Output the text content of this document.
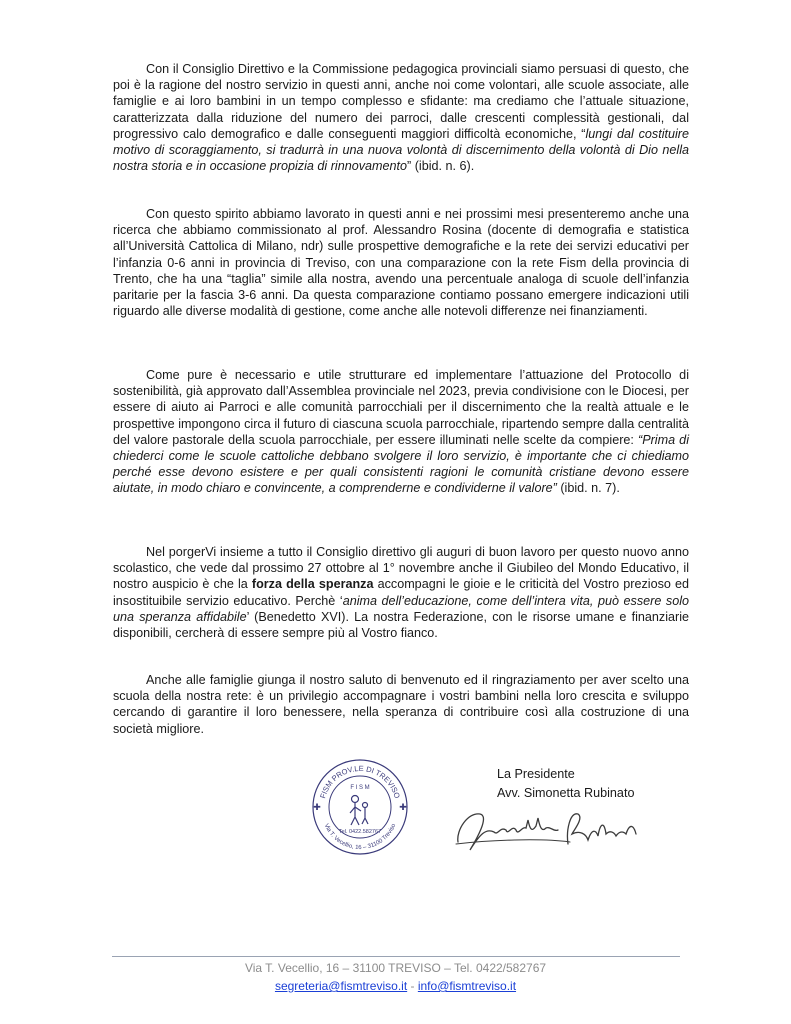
Con il Consiglio Direttivo e la Commissione pedagogica provinciali siamo persuasi di questo, che poi è la ragione del nostro servizio in questi anni, anche noi come volontari, alle scuole associate, alle famiglie e ai loro bambini in un tempo complesso e sfidante: ma crediamo che l’attuale situazione, caratterizzata dalla riduzione del numero dei parroci, dalle crescenti complessità gestionali, dal progressivo calo demografico e dalle conseguenti maggiori difficoltà economiche, “lungi dal costituire motivo di scoraggiamento, si tradurrà in una nuova volontà di discernimento della volontà di Dio nella nostra storia e in occasione propizia di rinnovamento” (ibid. n. 6).

Con questo spirito abbiamo lavorato in questi anni e nei prossimi mesi presenteremo anche una ricerca che abbiamo commissionato al prof. Alessandro Rosina (docente di demografia e statistica all’Università Cattolica di Milano, ndr) sulle prospettive demografiche e la rete dei servizi educativi per l’infanzia 0-6 anni in provincia di Treviso, con una comparazione con la rete Fism della provincia di Trento, che ha una “taglia” simile alla nostra, avendo una percentuale analoga di scuole dell’infanzia paritarie per la fascia 3-6 anni. Da questa comparazione contiamo possano emergere indicazioni utili riguardo alle diverse modalità di gestione, come anche alle notevoli differenze nei finanziamenti.

Come pure è necessario e utile strutturare ed implementare l’attuazione del Protocollo di sostenibilità, già approvato dall’Assemblea provinciale nel 2023, previa condivisione con le Diocesi, per essere di aiuto ai Parroci e alle comunità parrocchiali per il discernimento che la realtà attuale e le prospettive impongono circa il futuro di ciascuna scuola parrocchiale, ripartendo sempre dalla centralità del valore pastorale della scuola parrocchiale, per essere illuminati nelle scelte da compiere: “Prima di chiederci come le scuole cattoliche debbano svolgere il loro servizio, è importante che ci chiediamo perché esse devono esistere e per quali consistenti ragioni le comunità cristiane devono essere aiutate, in modo chiaro e convincente, a comprenderne e condividerne il valore” (ibid. n. 7).

Nel porgerVi insieme a tutto il Consiglio direttivo gli auguri di buon lavoro per questo nuovo anno scolastico, che vede dal prossimo 27 ottobre al 1° novembre anche il Giubileo del Mondo Educativo, il nostro auspicio è che la forza della speranza accompagni le gioie e le criticità del Vostro prezioso ed insostituibile servizio educativo. Perchè ‘anima dell’educazione, come dell’intera vita, può essere solo una speranza affidabile’ (Benedetto XVI). La nostra Federazione, con le risorse umane e finanziarie disponibili, cercherà di essere sempre più al Vostro fianco.

Anche alle famiglie giunga il nostro saluto di benvenuto ed il ringraziamento per aver scelto una scuola della nostra rete: è un privilegio accompagnare i vostri bambini nella loro crescita e sviluppo cercando di garantire il loro benessere, nella speranza di contribuire così alla costruzione di una società migliore.

FISM PROV.LE DI TREVISO
Via T. Vecellio, 16 – 31100 Treviso
F I S M
Tel. 0422.582767
✚	✚
La Presidente
Avv. Simonetta Rubinato
Via T. Vecellio, 16 – 31100 TREVISO – Tel. 0422/582767
segreteria@fismtreviso.it - info@fismtreviso.it
